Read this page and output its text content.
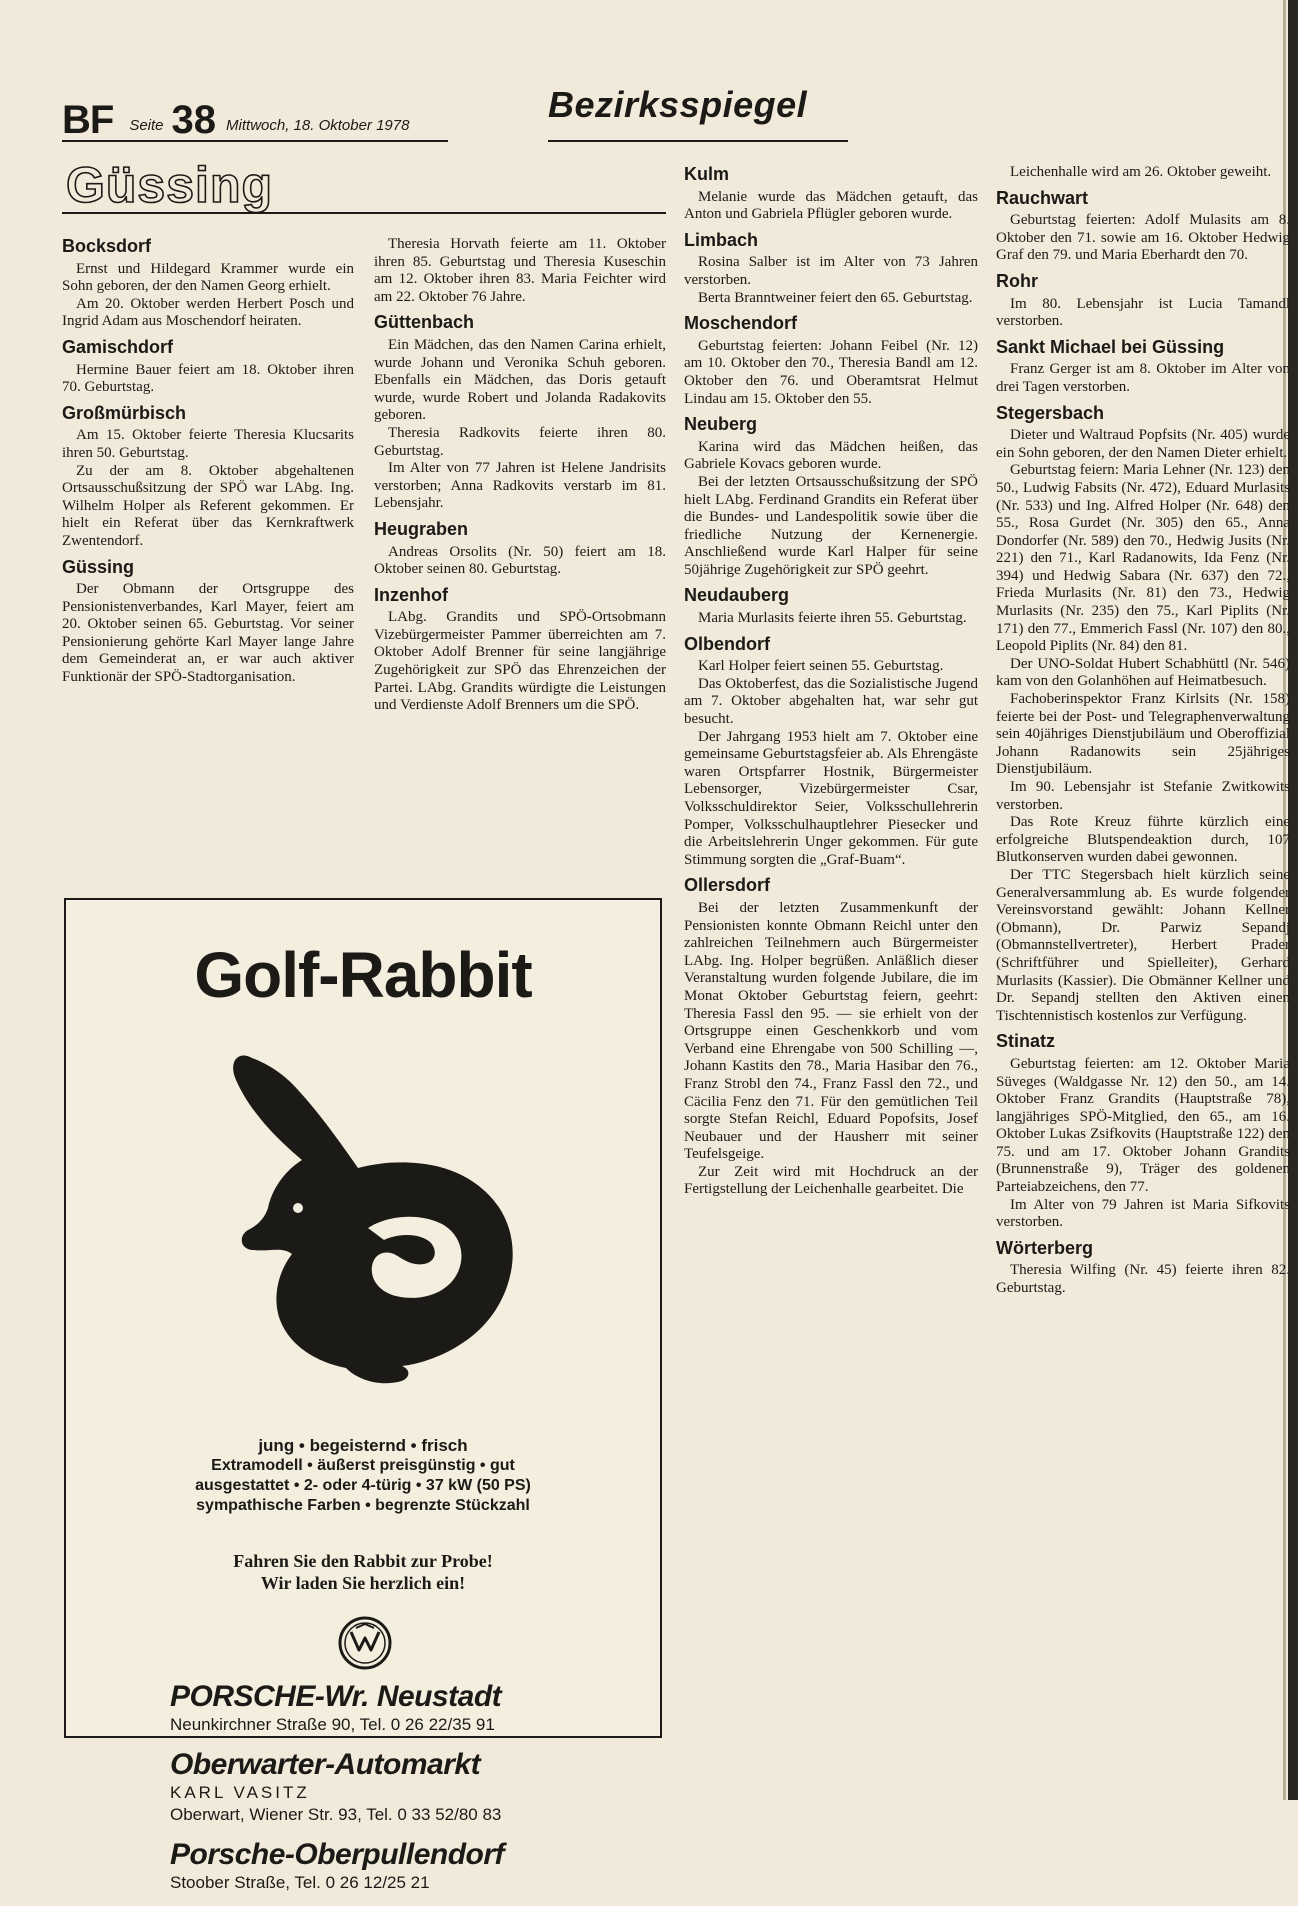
BF Seite 38 Mittwoch, 18. Oktober 1978
Bezirksspiegel
Güssing
Bocksdorf

Ernst und Hildegard Krammer wurde ein Sohn geboren, der den Namen Georg erhielt.

Am 20. Oktober werden Herbert Posch und Ingrid Adam aus Moschendorf heiraten.

Gamischdorf

Hermine Bauer feiert am 18. Oktober ihren 70. Geburtstag.

Großmürbisch

Am 15. Oktober feierte Theresia Klucsarits ihren 50. Geburtstag.

Zu der am 8. Oktober abgehaltenen Ortsausschußsitzung der SPÖ war LAbg. Ing. Wilhelm Holper als Referent gekommen. Er hielt ein Referat über das Kernkraftwerk Zwentendorf.

Güssing

Der Obmann der Ortsgruppe des Pensionistenverbandes, Karl Mayer, feiert am 20. Oktober seinen 65. Geburtstag. Vor seiner Pensionierung gehörte Karl Mayer lange Jahre dem Gemeinderat an, er war auch aktiver Funktionär der SPÖ-Stadtorganisation.

Theresia Horvath feierte am 11. Oktober ihren 85. Geburtstag und Theresia Kuseschin am 12. Oktober ihren 83. Maria Feichter wird am 22. Oktober 76 Jahre.

Güttenbach

Ein Mädchen, das den Namen Carina erhielt, wurde Johann und Veronika Schuh geboren. Ebenfalls ein Mädchen, das Doris getauft wurde, wurde Robert und Jolanda Radakovits geboren.

Theresia Radkovits feierte ihren 80. Geburtstag.

Im Alter von 77 Jahren ist Helene Jandrisits verstorben; Anna Radkovits verstarb im 81. Lebensjahr.

Heugraben

Andreas Orsolits (Nr. 50) feiert am 18. Oktober seinen 80. Geburtstag.

Inzenhof

LAbg. Grandits und SPÖ-Ortsobmann Vizebürgermeister Pammer überreichten am 7. Oktober Adolf Brenner für seine langjährige Zugehörigkeit zur SPÖ das Ehrenzeichen der Partei. LAbg. Grandits würdigte die Leistungen und Verdienste Adolf Brenners um die SPÖ.

Kulm

Melanie wurde das Mädchen getauft, das Anton und Gabriela Pflügler geboren wurde.

Limbach

Rosina Salber ist im Alter von 73 Jahren verstorben.

Berta Branntweiner feiert den 65. Geburtstag.

Moschendorf

Geburtstag feierten: Johann Feibel (Nr. 12) am 10. Oktober den 70., Theresia Bandl am 12. Oktober den 76. und Oberamtsrat Helmut Lindau am 15. Oktober den 55.

Neuberg

Karina wird das Mädchen heißen, das Gabriele Kovacs geboren wurde.

Bei der letzten Ortsausschußsitzung der SPÖ hielt LAbg. Ferdinand Grandits ein Referat über die Bundes- und Landespolitik sowie über die friedliche Nutzung der Kernenergie. Anschließend wurde Karl Halper für seine 50jährige Zugehörigkeit zur SPÖ geehrt.

Neudauberg

Maria Murlasits feierte ihren 55. Geburtstag.

Olbendorf

Karl Holper feiert seinen 55. Geburtstag.

Das Oktoberfest, das die Sozialistische Jugend am 7. Oktober abgehalten hat, war sehr gut besucht.

Der Jahrgang 1953 hielt am 7. Oktober eine gemeinsame Geburtstagsfeier ab. Als Ehrengäste waren Ortspfarrer Hostnik, Bürgermeister Lebensorger, Vizebürgermeister Csar, Volksschuldirektor Seier, Volksschullehrerin Pomper, Volksschulhauptlehrer Piesecker und die Arbeitslehrerin Unger gekommen. Für gute Stimmung sorgten die „Graf-Buam“.

Ollersdorf

Bei der letzten Zusammenkunft der Pensionisten konnte Obmann Reichl unter den zahlreichen Teilnehmern auch Bürgermeister LAbg. Ing. Holper begrüßen. Anläßlich dieser Veranstaltung wurden folgende Jubilare, die im Monat Oktober Geburtstag feiern, geehrt: Theresia Fassl den 95. — sie erhielt von der Ortsgruppe einen Geschenkkorb und vom Verband eine Ehrengabe von 500 Schilling —, Johann Kastits den 78., Maria Hasibar den 76., Franz Strobl den 74., Franz Fassl den 72., und Cäcilia Fenz den 71. Für den gemütlichen Teil sorgte Stefan Reichl, Eduard Popofsits, Josef Neubauer und der Hausherr mit seiner Teufelsgeige.

Zur Zeit wird mit Hochdruck an der Fertigstellung der Leichenhalle gearbeitet. Die

Leichenhalle wird am 26. Oktober geweiht.

Rauchwart

Geburtstag feierten: Adolf Mulasits am 8. Oktober den 71. sowie am 16. Oktober Hedwig Graf den 79. und Maria Eberhardt den 70.

Rohr

Im 80. Lebensjahr ist Lucia Tamandl verstorben.

Sankt Michael bei Güssing

Franz Gerger ist am 8. Oktober im Alter von drei Tagen verstorben.

Stegersbach

Dieter und Waltraud Popfsits (Nr. 405) wurde ein Sohn geboren, der den Namen Dieter erhielt.

Geburtstag feiern: Maria Lehner (Nr. 123) den 50., Ludwig Fabsits (Nr. 472), Eduard Murlasits (Nr. 533) und Ing. Alfred Holper (Nr. 648) den 55., Rosa Gurdet (Nr. 305) den 65., Anna Dondorfer (Nr. 589) den 70., Hedwig Jusits (Nr. 221) den 71., Karl Radanowits, Ida Fenz (Nr. 394) und Hedwig Sabara (Nr. 637) den 72., Frieda Murlasits (Nr. 81) den 73., Hedwig Murlasits (Nr. 235) den 75., Karl Piplits (Nr. 171) den 77., Emmerich Fassl (Nr. 107) den 80., Leopold Piplits (Nr. 84) den 81.

Der UNO-Soldat Hubert Schabhüttl (Nr. 546) kam von den Golanhöhen auf Heimatbesuch.

Fachoberinspektor Franz Kirlsits (Nr. 158) feierte bei der Post- und Telegraphenverwaltung sein 40jähriges Dienstjubiläum und Oberoffizial Johann Radanowits sein 25jähriges Dienstjubiläum.

Im 90. Lebensjahr ist Stefanie Zwitkowits verstorben.

Das Rote Kreuz führte kürzlich eine erfolgreiche Blutspendeaktion durch, 107 Blutkonserven wurden dabei gewonnen.

Der TTC Stegersbach hielt kürzlich seine Generalversammlung ab. Es wurde folgender Vereinsvorstand gewählt: Johann Kellner (Obmann), Dr. Parwiz Sepandj (Obmannstellvertreter), Herbert Prader (Schriftführer und Spielleiter), Gerhard Murlasits (Kassier). Die Obmänner Kellner und Dr. Sepandj stellten den Aktiven einen Tischtennistisch kostenlos zur Verfügung.

Stinatz

Geburtstag feierten: am 12. Oktober Maria Süveges (Waldgasse Nr. 12) den 50., am 14. Oktober Franz Grandits (Hauptstraße 78), langjähriges SPÖ-Mitglied, den 65., am 16. Oktober Lukas Zsifkovits (Hauptstraße 122) den 75. und am 17. Oktober Johann Grandits (Brunnenstraße 9), Träger des goldenen Parteiabzeichens, den 77.

Im Alter von 79 Jahren ist Maria Sifkovits verstorben.

Wörterberg

Theresia Wilfing (Nr. 45) feierte ihren 82. Geburtstag.

Golf-Rabbit
jung • begeisternd • frisch
Extramodell • äußerst preisgünstig • gut
ausgestattet • 2- oder 4-türig • 37 kW (50 PS)
sympathische Farben • begrenzte Stückzahl
Fahren Sie den Rabbit zur Probe!
Wir laden Sie herzlich ein!
PORSCHE-Wr. Neustadt
Neunkirchner Straße 90, Tel. 0 26 22/35 91
Oberwarter-Automarkt
KARL VASITZ
Oberwart, Wiener Str. 93, Tel. 0 33 52/80 83
Porsche-Oberpullendorf
Stoober Straße, Tel. 0 26 12/25 21
